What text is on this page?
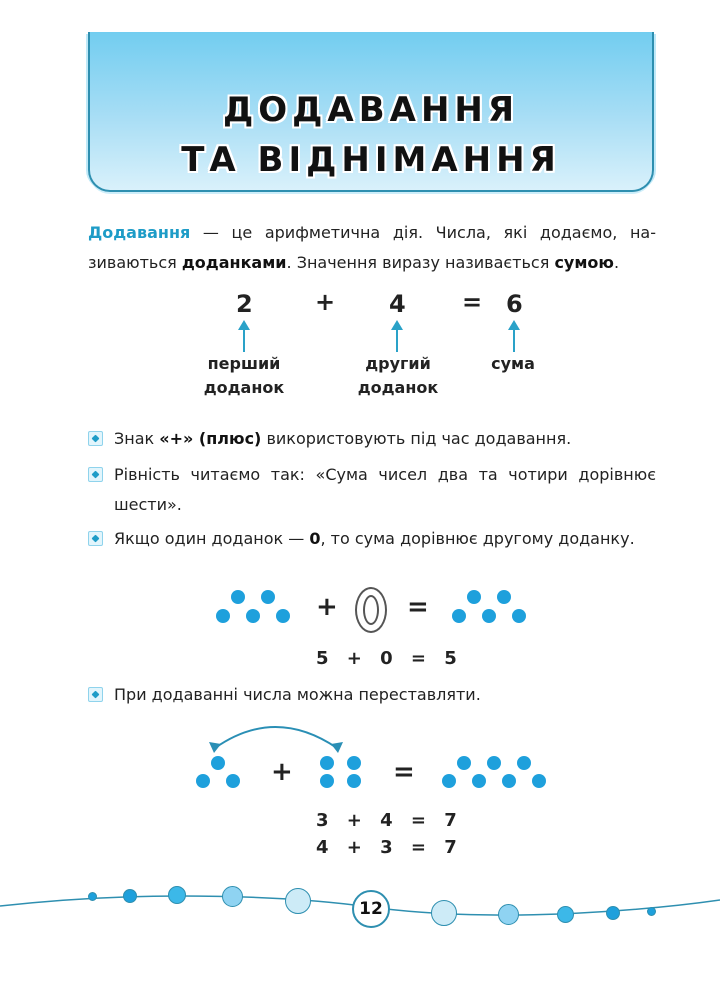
ДОДАВАННЯ
ТА ВІДНІМАННЯ
Додавання — це арифметична дія. Числа, які додаємо, називаються доданками. Значення виразу називається сумою.
2	+ 4 = 6
перший
доданок
другий
доданок
сума
Знак «+» (плюс) використовують під час додавання.
Рівність читаємо так: «Сума чисел два та чотири дорівнює шести».
Якщо один доданок — 0, то сума дорівнює другому доданку.
+	=
5 + 0 = 5
При додаванні числа можна переставляти.
+	=
3 + 4 = 7
4 + 3 = 7
12
